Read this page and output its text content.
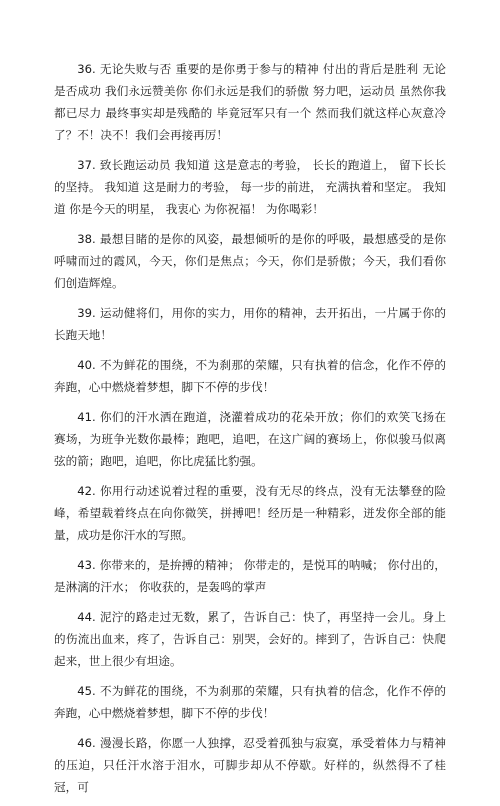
36. 无论失败与否 重要的是你勇于参与的精神 付出的背后是胜利 无论是否成功 我们永远赞美你 你们永远是我们的骄傲 努力吧，运动员 虽然你我都已尽力 最终事实却是残酷的 毕竟冠军只有一个 然而我们就这样心灰意冷了？不！决不！我们会再接再厉！

37. 致长跑运动员 我知道 这是意志的考验， 长长的跑道上， 留下长长的坚持。 我知道 这是耐力的考验， 每一步的前进， 充满执着和坚定。 我知道 你是今天的明星， 我衷心 为你祝福！ 为你喝彩！

38. 最想目睹的是你的风姿，最想倾听的是你的呼吸，最想感受的是你呼啸而过的霞风，今天，你们是焦点；今天，你们是骄傲；今天，我们看你们创造辉煌。

39. 运动健将们，用你的实力，用你的精神，去开拓出，一片属于你的长跑天地！

40. 不为鲜花的围绕，不为刹那的荣耀，只有执着的信念，化作不停的奔跑，心中燃烧着梦想，脚下不停的步伐！

41. 你们的汗水洒在跑道，浇灌着成功的花朵开放；你们的欢笑飞扬在赛场，为班争光数你最棒；跑吧，追吧，在这广阔的赛场上，你似骏马似离弦的箭；跑吧，追吧，你比虎猛比豹强。

42. 你用行动述说着过程的重要，没有无尽的终点，没有无法攀登的险峰，希望载着终点在向你微笑，拼搏吧！经历是一种精彩，迸发你全部的能量，成功是你汗水的写照。

43. 你带来的，是拚搏的精神； 你带走的，是悦耳的呐喊； 你付出的，是淋漓的汗水； 你收获的，是轰鸣的掌声

44. 泥泞的路走过无数，累了，告诉自己：快了，再坚持一会儿。身上的伤流出血来，疼了，告诉自己：别哭，会好的。摔到了，告诉自己：快爬起来，世上很少有坦途。

45. 不为鲜花的围绕，不为刹那的荣耀，只有执着的信念，化作不停的奔跑，心中燃烧着梦想，脚下不停的步伐！

46. 漫漫长路，你愿一人独撑，忍受着孤独与寂寞，承受着体力与精神的压迫，只任汗水溶于泪水，可脚步却从不停歇。好样的，纵然得不了桂冠，可
